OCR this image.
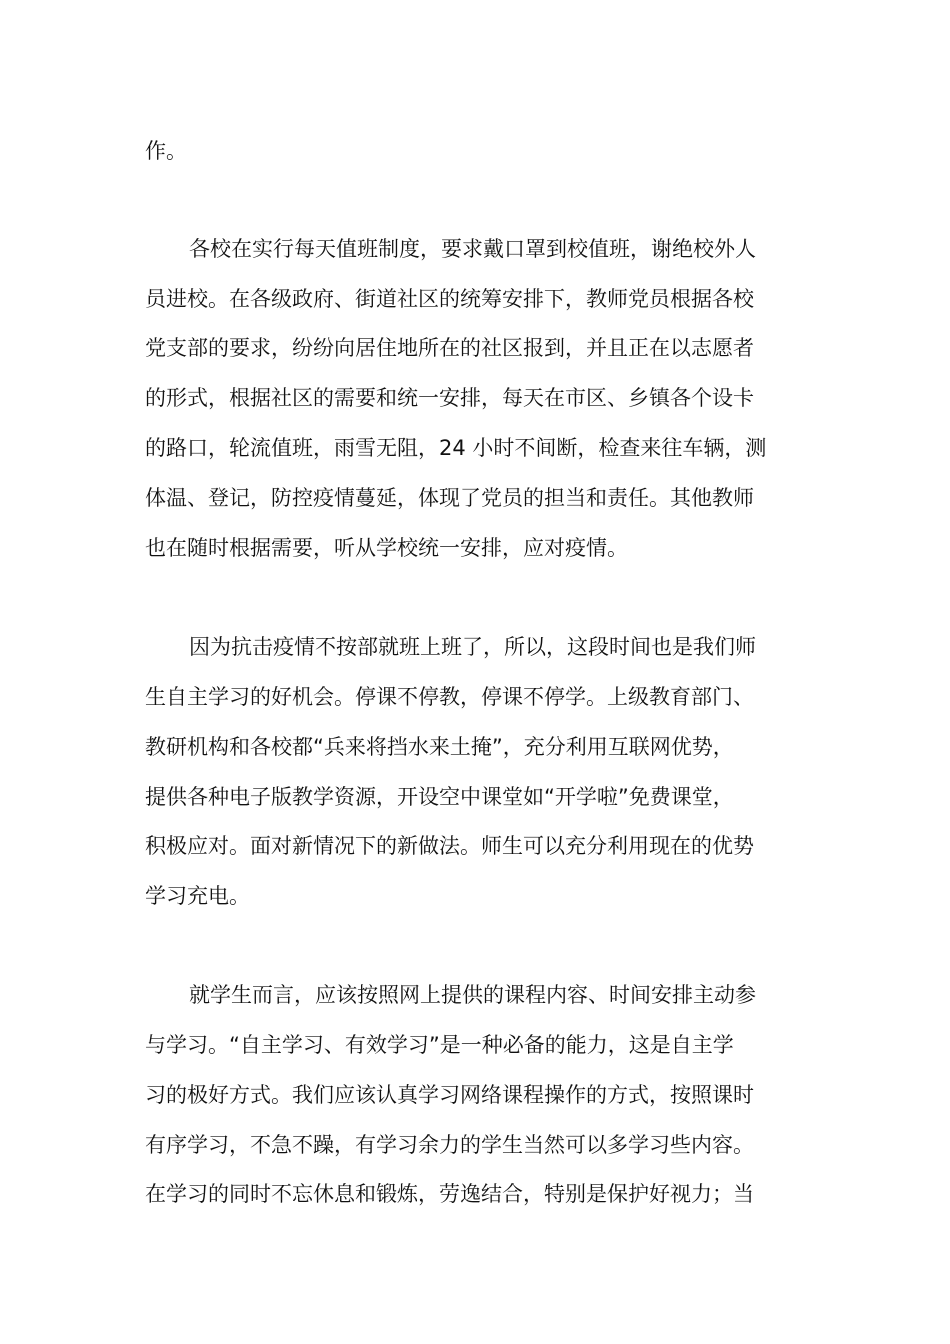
作。
各校在实行每天值班制度，要求戴口罩到校值班，谢绝校外人
员进校。在各级政府、街道社区的统筹安排下，教师党员根据各校
党支部的要求，纷纷向居住地所在的社区报到，并且正在以志愿者
的形式，根据社区的需要和统一安排，每天在市区、乡镇各个设卡
的路口，轮流值班，雨雪无阻，24 小时不间断，检查来往车辆，测
体温、登记，防控疫情蔓延，体现了党员的担当和责任。其他教师
也在随时根据需要，听从学校统一安排，应对疫情。
因为抗击疫情不按部就班上班了，所以，这段时间也是我们师
生自主学习的好机会。停课不停教，停课不停学。上级教育部门、
教研机构和各校都“兵来将挡水来土掩”，充分利用互联网优势，
提供各种电子版教学资源，开设空中课堂如“开学啦”免费课堂，
积极应对。面对新情况下的新做法。师生可以充分利用现在的优势
学习充电。
就学生而言，应该按照网上提供的课程内容、时间安排主动参
与学习。“自主学习、有效学习”是一种必备的能力，这是自主学
习的极好方式。我们应该认真学习网络课程操作的方式，按照课时
有序学习，不急不躁，有学习余力的学生当然可以多学习些内容。
在学习的同时不忘休息和锻炼，劳逸结合，特别是保护好视力；当
